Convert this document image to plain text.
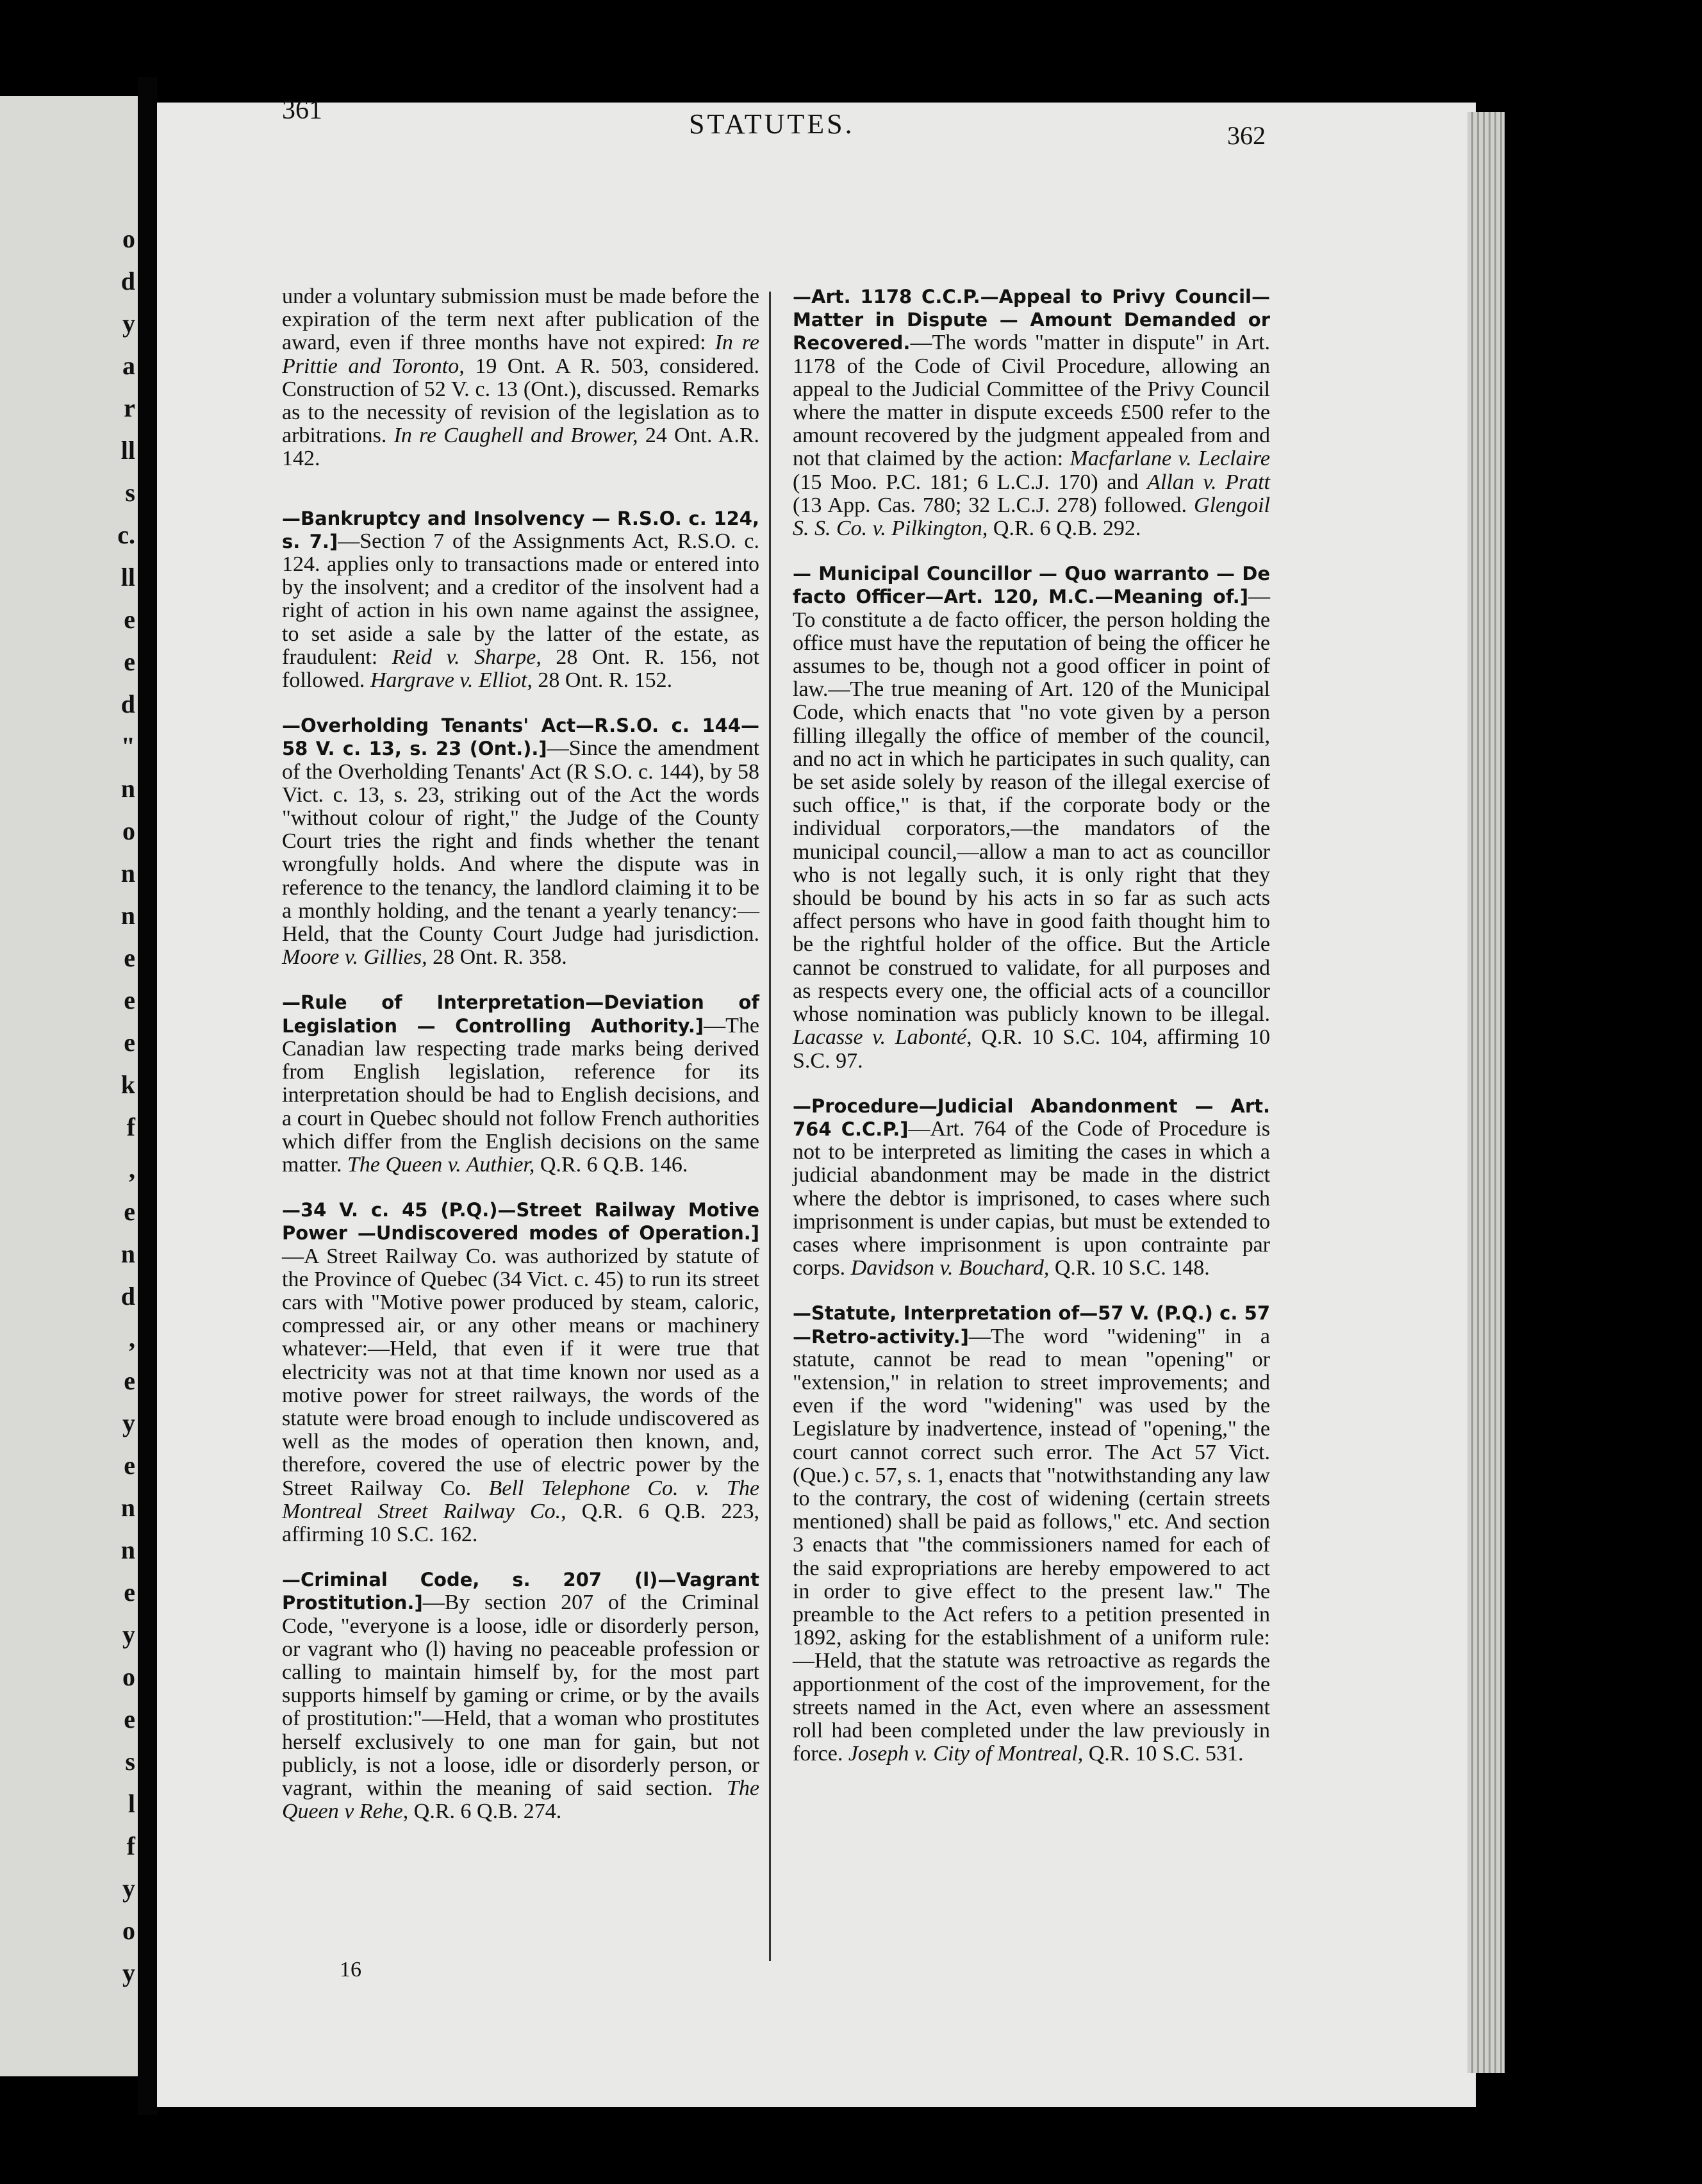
o
d
y
a
r
ll
s
c.
ll
e
e
d
"
n
o
n
n
e
e
e
k
f
,
e
n
d
,
e
y
e
n
n
e
y
o
e
s
l
f
y
o
y
361	STATUTES.	362

under a voluntary submission must be made before the expiration of the term next after publication of the award, even if three months have not expired: In re Prittie and Toronto, 19 Ont. A R. 503, considered. Construction of 52 V. c. 13 (Ont.), discussed. Remarks as to the necessity of revision of the legislation as to arbitrations. In re Caughell and Brower, 24 Ont. A.R. 142.

—Bankruptcy and Insolvency — R.S.O. c. 124, s. 7.]—Section 7 of the Assignments Act, R.S.O. c. 124. applies only to transactions made or entered into by the insolvent; and a creditor of the insolvent had a right of action in his own name against the assignee, to set aside a sale by the latter of the estate, as fraudulent: Reid v. Sharpe, 28 Ont. R. 156, not followed. Hargrave v. Elliot, 28 Ont. R. 152.

—Overholding Tenants' Act—R.S.O. c. 144—58 V. c. 13, s. 23 (Ont.).]—Since the amendment of the Overholding Tenants' Act (R S.O. c. 144), by 58 Vict. c. 13, s. 23, striking out of the Act the words "without colour of right," the Judge of the County Court tries the right and finds whether the tenant wrongfully holds. And where the dispute was in reference to the tenancy, the landlord claiming it to be a monthly holding, and the tenant a yearly tenancy:—Held, that the County Court Judge had jurisdiction. Moore v. Gillies, 28 Ont. R. 358.

—Rule of Interpretation—Deviation of Legislation — Controlling Authority.]—The Canadian law respecting trade marks being derived from English legislation, reference for its interpretation should be had to English decisions, and a court in Quebec should not follow French authorities which differ from the English decisions on the same matter. The Queen v. Authier, Q.R. 6 Q.B. 146.

—34 V. c. 45 (P.Q.)—Street Railway Motive Power —Undiscovered modes of Operation.]—A Street Railway Co. was authorized by statute of the Province of Quebec (34 Vict. c. 45) to run its street cars with "Motive power produced by steam, caloric, compressed air, or any other means or machinery whatever:—Held, that even if it were true that electricity was not at that time known nor used as a motive power for street railways, the words of the statute were broad enough to include undiscovered as well as the modes of operation then known, and, therefore, covered the use of electric power by the Street Railway Co. Bell Telephone Co. v. The Montreal Street Railway Co., Q.R. 6 Q.B. 223, affirming 10 S.C. 162.

—Criminal Code, s. 207 (l)—Vagrant Prostitution.]—By section 207 of the Criminal Code, "everyone is a loose, idle or disorderly person, or vagrant who (l) having no peaceable profession or calling to maintain himself by, for the most part supports himself by gaming or crime, or by the avails of prostitution:"—Held, that a woman who prostitutes herself exclusively to one man for gain, but not publicly, is not a loose, idle or disorderly person, or vagrant, within the meaning of said section. The Queen v Rehe, Q.R. 6 Q.B. 274.

—Art. 1178 C.C.P.—Appeal to Privy Council—Matter in Dispute — Amount Demanded or Recovered.—The words "matter in dispute" in Art. 1178 of the Code of Civil Procedure, allowing an appeal to the Judicial Committee of the Privy Council where the matter in dispute exceeds £500 refer to the amount recovered by the judgment appealed from and not that claimed by the action: Macfarlane v. Leclaire (15 Moo. P.C. 181; 6 L.C.J. 170) and Allan v. Pratt (13 App. Cas. 780; 32 L.C.J. 278) followed. Glengoil S. S. Co. v. Pilkington, Q.R. 6 Q.B. 292.

— Municipal Councillor — Quo warranto — De facto Officer—Art. 120, M.C.—Meaning of.]—To constitute a de facto officer, the person holding the office must have the reputation of being the officer he assumes to be, though not a good officer in point of law.—The true meaning of Art. 120 of the Municipal Code, which enacts that "no vote given by a person filling illegally the office of member of the council, and no act in which he participates in such quality, can be set aside solely by reason of the illegal exercise of such office," is that, if the corporate body or the individual corporators,—the mandators of the municipal council,—allow a man to act as councillor who is not legally such, it is only right that they should be bound by his acts in so far as such acts affect persons who have in good faith thought him to be the rightful holder of the office. But the Article cannot be construed to validate, for all purposes and as respects every one, the official acts of a councillor whose nomination was publicly known to be illegal. Lacasse v. Labonté, Q.R. 10 S.C. 104, affirming 10 S.C. 97.

—Procedure—Judicial Abandonment — Art. 764 C.C.P.]—Art. 764 of the Code of Procedure is not to be interpreted as limiting the cases in which a judicial abandonment may be made in the district where the debtor is imprisoned, to cases where such imprisonment is under capias, but must be extended to cases where imprisonment is upon contrainte par corps. Davidson v. Bouchard, Q.R. 10 S.C. 148.

—Statute, Interpretation of—57 V. (P.Q.) c. 57—Retro-activity.]—The word "widening" in a statute, cannot be read to mean "opening" or "extension," in relation to street improvements; and even if the word "widening" was used by the Legislature by inadvertence, instead of "opening," the court cannot correct such error. The Act 57 Vict. (Que.) c. 57, s. 1, enacts that "notwithstanding any law to the contrary, the cost of widening (certain streets mentioned) shall be paid as follows," etc. And section 3 enacts that "the commissioners named for each of the said expropriations are hereby empowered to act in order to give effect to the present law." The preamble to the Act refers to a petition presented in 1892, asking for the establishment of a uniform rule:—Held, that the statute was retroactive as regards the apportionment of the cost of the improvement, for the streets named in the Act, even where an assessment roll had been completed under the law previously in force. Joseph v. City of Montreal, Q.R. 10 S.C. 531.

16
